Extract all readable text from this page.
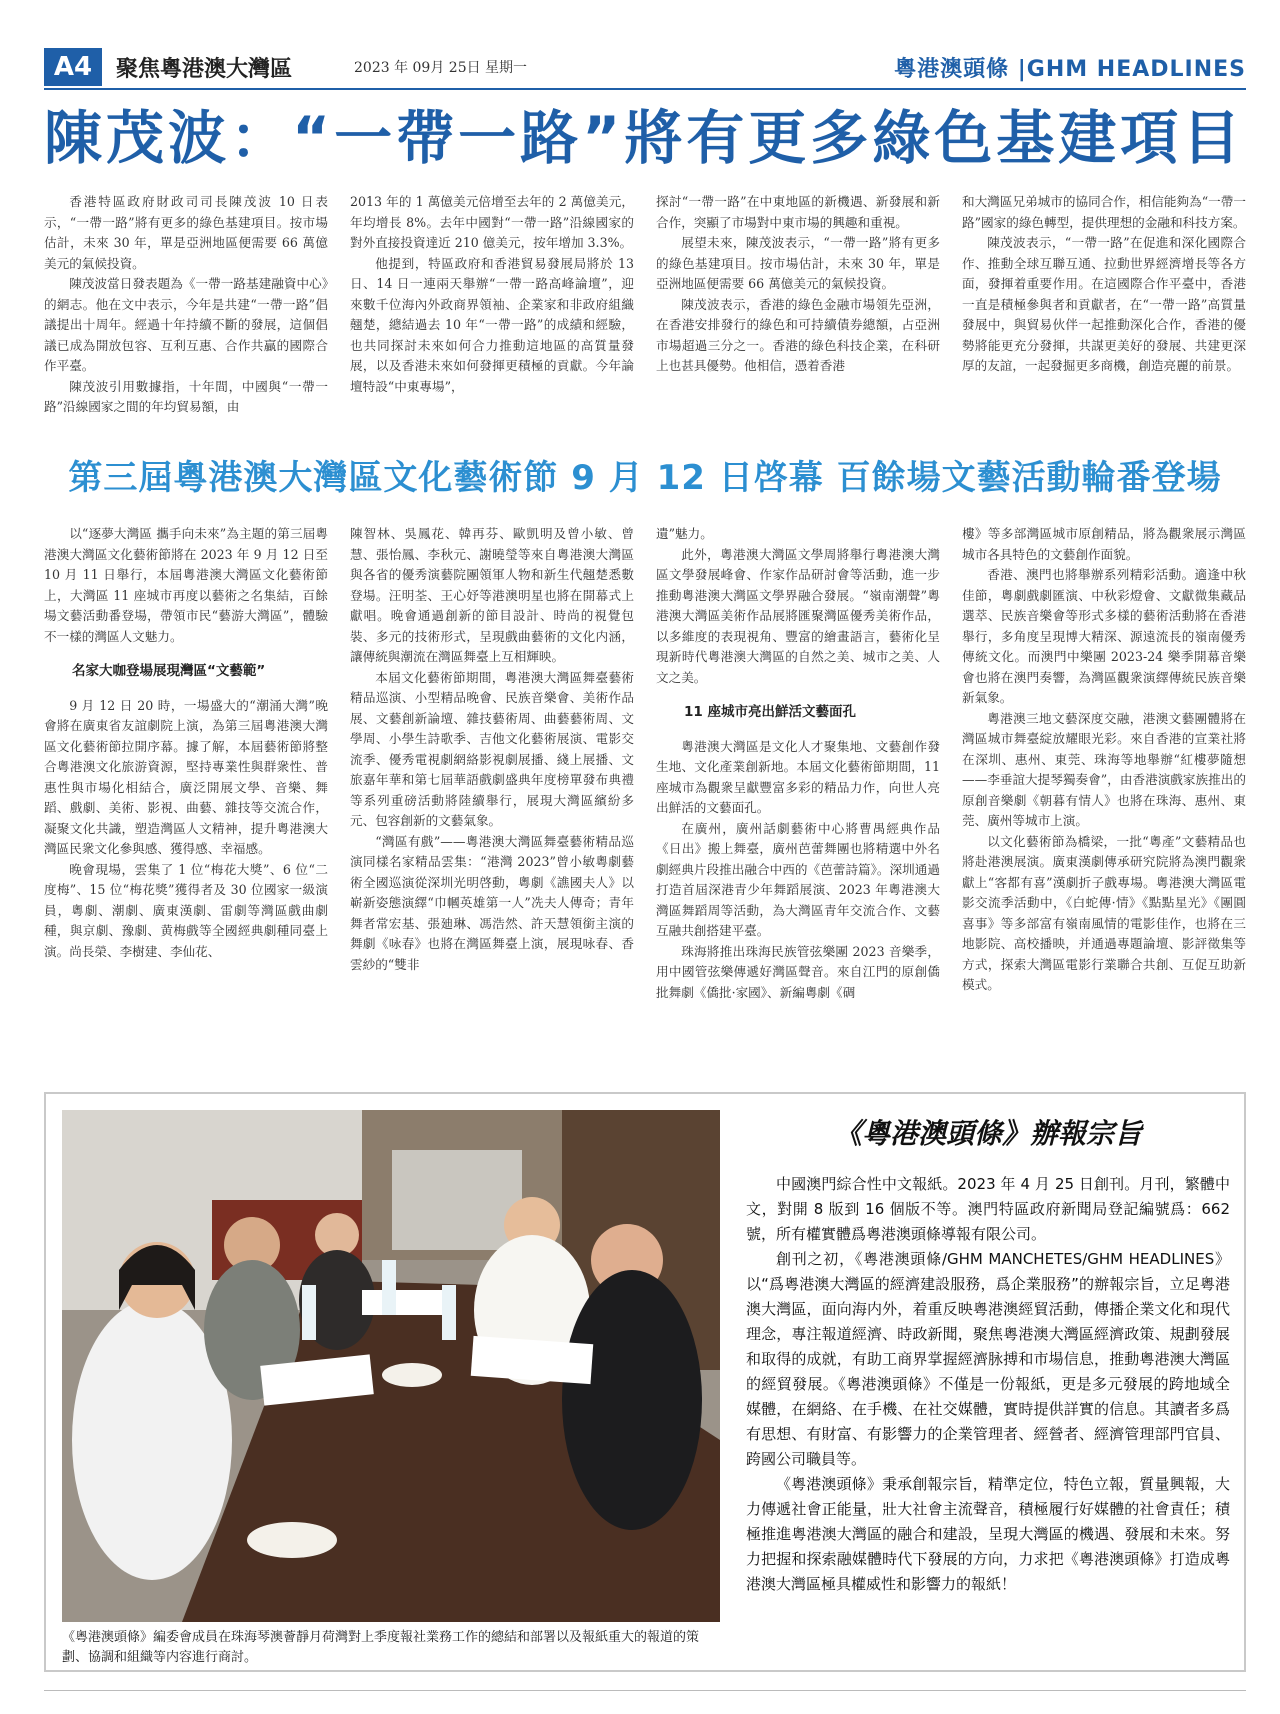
A4	聚焦粵港澳大灣區	2023 年 09月 25日 星期一	粵港澳頭條 |GHM HEADLINES
陳茂波：“一帶一路”將有更多綠色基建項目

香港特區政府財政司司長陳茂波 10 日表示，“一帶一路”將有更多的綠色基建項目。按市場估計，未來 30 年，單是亞洲地區便需要 66 萬億美元的氣候投資。

陳茂波當日發表題為《一帶一路基建融資中心》的網志。他在文中表示，今年是共建“一帶一路”倡議提出十周年。經過十年持續不斷的發展，這個倡議已成為開放包容、互利互惠、合作共贏的國際合作平臺。

陳茂波引用數據指，十年間，中國與“一帶一路”沿線國家之間的年均貿易額，由

2013 年的 1 萬億美元倍增至去年的 2 萬億美元，年均增長 8%。去年中國對“一帶一路”沿線國家的對外直接投資達近 210 億美元，按年增加 3.3%。

他提到，特區政府和香港貿易發展局將於 13 日、14 日一連兩天舉辦“一帶一路高峰論壇”，迎來數千位海內外政商界領袖、企業家和非政府組織翹楚，總結過去 10 年“一帶一路”的成績和經驗，也共同探討未來如何合力推動這地區的高質量發展，以及香港未來如何發揮更積極的貢獻。今年論壇特設“中東專場”，

探討“一帶一路”在中東地區的新機遇、新發展和新合作，突顯了市場對中東市場的興趣和重視。

展望未來，陳茂波表示，“一帶一路”將有更多的綠色基建項目。按市場估計，未來 30 年，單是亞洲地區便需要 66 萬億美元的氣候投資。

陳茂波表示，香港的綠色金融市場領先亞洲，在香港安排發行的綠色和可持續債券總額，占亞洲市場超過三分之一。香港的綠色科技企業，在科研上也甚具優勢。他相信，憑着香港

和大灣區兄弟城市的協同合作，相信能夠為“一帶一路”國家的綠色轉型，提供理想的金融和科技方案。

陳茂波表示，“一帶一路”在促進和深化國際合作、推動全球互聯互通、拉動世界經濟增長等各方面，發揮着重要作用。在這國際合作平臺中，香港一直是積極參與者和貢獻者，在“一帶一路”高質量發展中，與貿易伙伴一起推動深化合作，香港的優勢將能更充分發揮，共謀更美好的發展、共建更深厚的友誼，一起發掘更多商機，創造亮麗的前景。

第三屆粵港澳大灣區文化藝術節 9 月 12 日啓幕 百餘場文藝活動輪番登場

以“逐夢大灣區 攜手向未來”為主題的第三屆粵港澳大灣區文化藝術節將在 2023 年 9 月 12 日至 10 月 11 日舉行，本屆粵港澳大灣區文化藝術節上，大灣區 11 座城市再度以藝術之名集結，百餘場文藝活動番登場，帶領市民“藝游大灣區”，體驗不一樣的灣區人文魅力。

名家大咖登場展現灣區“文藝範”

9 月 12 日 20 時，一場盛大的“潮涌大灣”晚會將在廣東省友誼劇院上演，為第三屆粵港澳大灣區文化藝術節拉開序幕。據了解，本屆藝術節將整合粵港澳文化旅游資源，堅持專業性與群衆性、普惠性與市場化相結合，廣泛開展文學、音樂、舞蹈、戲劇、美術、影視、曲藝、雜技等交流合作，凝聚文化共識，塑造灣區人文精神，提升粵港澳大灣區民衆文化參與感、獲得感、幸福感。

晚會現場，雲集了 1 位“梅花大獎”、6 位“二度梅”、15 位“梅花獎”獲得者及 30 位國家一級演員，粵劇、潮劇、廣東漢劇、雷劇等灣區戲曲劇種，與京劇、豫劇、黄梅戲等全國經典劇種同臺上演。尚長榮、李樹建、李仙花、

陳智林、吳鳳花、韓再芬、歐凱明及曾小敏、曾慧、張怡鳳、李秋元、謝曉瑩等來自粵港澳大灣區與各省的優秀演藝院團領軍人物和新生代翹楚悉數登場。汪明荃、王心妤等港澳明星也將在開幕式上獻唱。晚會通過創新的節目設計、時尚的視覺包裝、多元的技術形式，呈現戲曲藝術的文化内涵，讓傳統與潮流在灣區舞臺上互相輝映。

本屆文化藝術節期間，粵港澳大灣區舞臺藝術精品巡演、小型精品晚會、民族音樂會、美術作品展、文藝創新論壇、雜技藝術周、曲藝藝術周、文學周、小學生詩歌季、吉他文化藝術展演、電影交流季、優秀電視劇網絡影視劇展播、綫上展播、文旅嘉年華和第七屆華語戲劇盛典年度榜單發布典禮等系列重磅活動將陸續舉行，展現大灣區繽紛多元、包容創新的文藝氣象。

“灣區有戲”——粵港澳大灣區舞臺藝術精品巡演同樣名家精品雲集：“港灣 2023”曾小敏粵劇藝術全國巡演從深圳光明啓動，粵劇《譙國夫人》以嶄新姿態演繹“巾幗英雄第一人”冼夫人傳奇；青年舞者常宏基、張廸琳、馮浩然、許天慧領銜主演的舞劇《咏春》也將在灣區舞臺上演，展現咏春、香雲紗的“雙非

遺”魅力。

此外，粵港澳大灣區文學周將舉行粵港澳大灣區文學發展峰會、作家作品研討會等活動，進一步推動粵港澳大灣區文學界融合發展。“嶺南潮聲”粵港澳大灣區美術作品展將匯聚灣區優秀美術作品，以多維度的表現視角、豐富的繪畫語言，藝術化呈現新時代粵港澳大灣區的自然之美、城市之美、人文之美。

11 座城市亮出鮮活文藝面孔

粵港澳大灣區是文化人才聚集地、文藝創作發生地、文化產業創新地。本屆文化藝術節期間，11 座城市為觀衆呈獻豐富多彩的精品力作，向世人亮出鮮活的文藝面孔。

在廣州，廣州話劇藝術中心將曹禺經典作品《日出》搬上舞臺，廣州芭蕾舞團也將精選中外名劇經典片段推出融合中西的《芭蕾詩篇》。深圳通過打造首屆深港青少年舞蹈展演、2023 年粵港澳大灣區舞蹈周等活動，為大灣區青年交流合作、文藝互融共創搭建平臺。

珠海將推出珠海民族管弦樂團 2023 音樂季，用中國管弦樂傳遞好灣區聲音。來自江門的原創僑批舞劇《僑批·家國》、新編粵劇《碉

樓》等多部灣區城市原創精品，將為觀衆展示灣區城市各具特色的文藝創作面貌。

香港、澳門也將舉辦系列精彩活動。適逢中秋佳節，粵劇戲劇匯演、中秋彩燈會、文獻微集藏品選萃、民族音樂會等形式多樣的藝術活動將在香港舉行，多角度呈現博大精深、源遠流長的嶺南優秀傳統文化。而澳門中樂團 2023-24 樂季開幕音樂會也將在澳門奏響，為灣區觀衆演繹傳統民族音樂新氣象。

粵港澳三地文藝深度交融，港澳文藝團體將在灣區城市舞臺綻放耀眼光彩。來自香港的宣業社將在深圳、惠州、東莞、珠海等地舉辦“紅樓夢隨想——李垂誼大提琴獨奏會”，由香港演戲家族推出的原創音樂劇《朝暮有情人》也將在珠海、惠州、東莞、廣州等城市上演。

以文化藝術節為橋梁，一批“粵產”文藝精品也將赴港澳展演。廣東漢劇傳承研究院將為澳門觀衆獻上“客都有喜”漢劇折子戲專場。粵港澳大灣區電影交流季活動中，《白蛇傳·情》《點點星光》《團圓喜事》等多部富有嶺南風情的電影佳作，也將在三地影院、高校播映，并通過專題論壇、影評徵集等方式，探索大灣區電影行業聯合共創、互促互助新模式。

《粵港澳頭條》編委會成員在珠海琴澳薈靜月荷灣對上季度報社業務工作的總結和部署以及報紙重大的報道的策劃、協調和組織等内容進行商討。
《粵港澳頭條》辦報宗旨

中國澳門綜合性中文報紙。2023 年 4 月 25 日創刊。月刊，繁體中文，對開 8 版到 16 個版不等。澳門特區政府新聞局登記編號爲：662 號，所有權實體爲粵港澳頭條導報有限公司。

創刊之初，《粵港澳頭條/GHM MANCHETES/GHM HEADLINES》以“爲粵港澳大灣區的經濟建設服務，爲企業服務”的辦報宗旨，立足粵港澳大灣區，面向海内外，着重反映粵港澳經貿活動，傳播企業文化和現代理念，專注報道經濟、時政新聞，聚焦粵港澳大灣區經濟政策、規劃發展和取得的成就，有助工商界掌握經濟脉搏和市場信息，推動粵港澳大灣區的經貿發展。《粵港澳頭條》不僅是一份報紙，更是多元發展的跨地域全媒體，在網絡、在手機、在社交媒體，實時提供詳實的信息。其讀者多爲有思想、有財富、有影響力的企業管理者、經營者、經濟管理部門官員、跨國公司職員等。

《粵港澳頭條》秉承創報宗旨，精準定位，特色立報，質量興報，大力傳遞社會正能量，壯大社會主流聲音，積極履行好媒體的社會責任；積極推進粵港澳大灣區的融合和建設，呈現大灣區的機遇、發展和未來。努力把握和探索融媒體時代下發展的方向，力求把《粵港澳頭條》打造成粵港澳大灣區極具權威性和影響力的報紙！
